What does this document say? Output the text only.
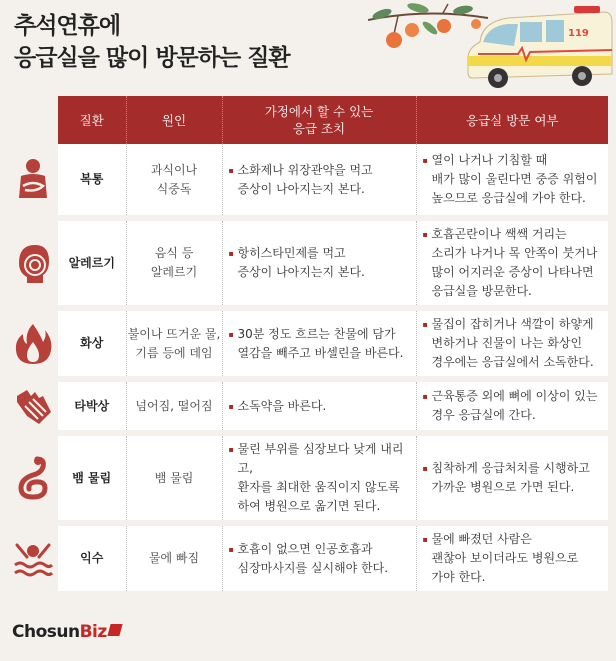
추석연휴에
응급실을 많이 방문하는 질환
119
	질환	원인	가정에서 할 수 있는
응급 조치	응급실 방문 여부

	복통	과식이나
식중독	▪ 소화제나 위장관약을 먹고
증상이 나아지는지 본다.	▪ 열이 나거나 기침할 때
배가 많이 울린다면 중증 위험이
높으므로 응급실에 가야 한다.

	알레르기	음식 등
알레르기	▪ 항히스타민제를 먹고
증상이 나아지는지 본다.	▪ 호흡곤란이나 쌕쌕 거리는
소리가 나거나 목 안쪽이 붓거나
많이 어지러운 증상이 나타나면
응급실을 방문한다.

	화상	불이나 뜨거운 물,
기름 등에 데임	▪ 30분 정도 흐르는 찬물에 담가
열감을 빼주고 바셀린을 바른다.	▪ 물집이 잡히거나 색깔이 하얗게
변하거나 진물이 나는 화상인
경우에는 응급실에서 소독한다.

	타박상	넘어짐, 떨어짐	▪ 소독약을 바른다.	▪ 근육통증 외에 뼈에 이상이 있는
경우 응급실에 간다.

	뱀 물림	뱀 물림	▪ 물린 부위를 심장보다 낮게 내리고,
환자를 최대한 움직이지 않도록
하여 병원으로 옮기면 된다.	▪ 침착하게 응급처치를 시행하고
가까운 병원으로 가면 된다.

	익수	물에 빠짐	▪ 호흡이 없으면 인공호흡과
심장마사지를 실시해야 한다.	▪ 물에 빠졌던 사람은
괜찮아 보이더라도 병원으로
가야 한다.
ChosunBiz
